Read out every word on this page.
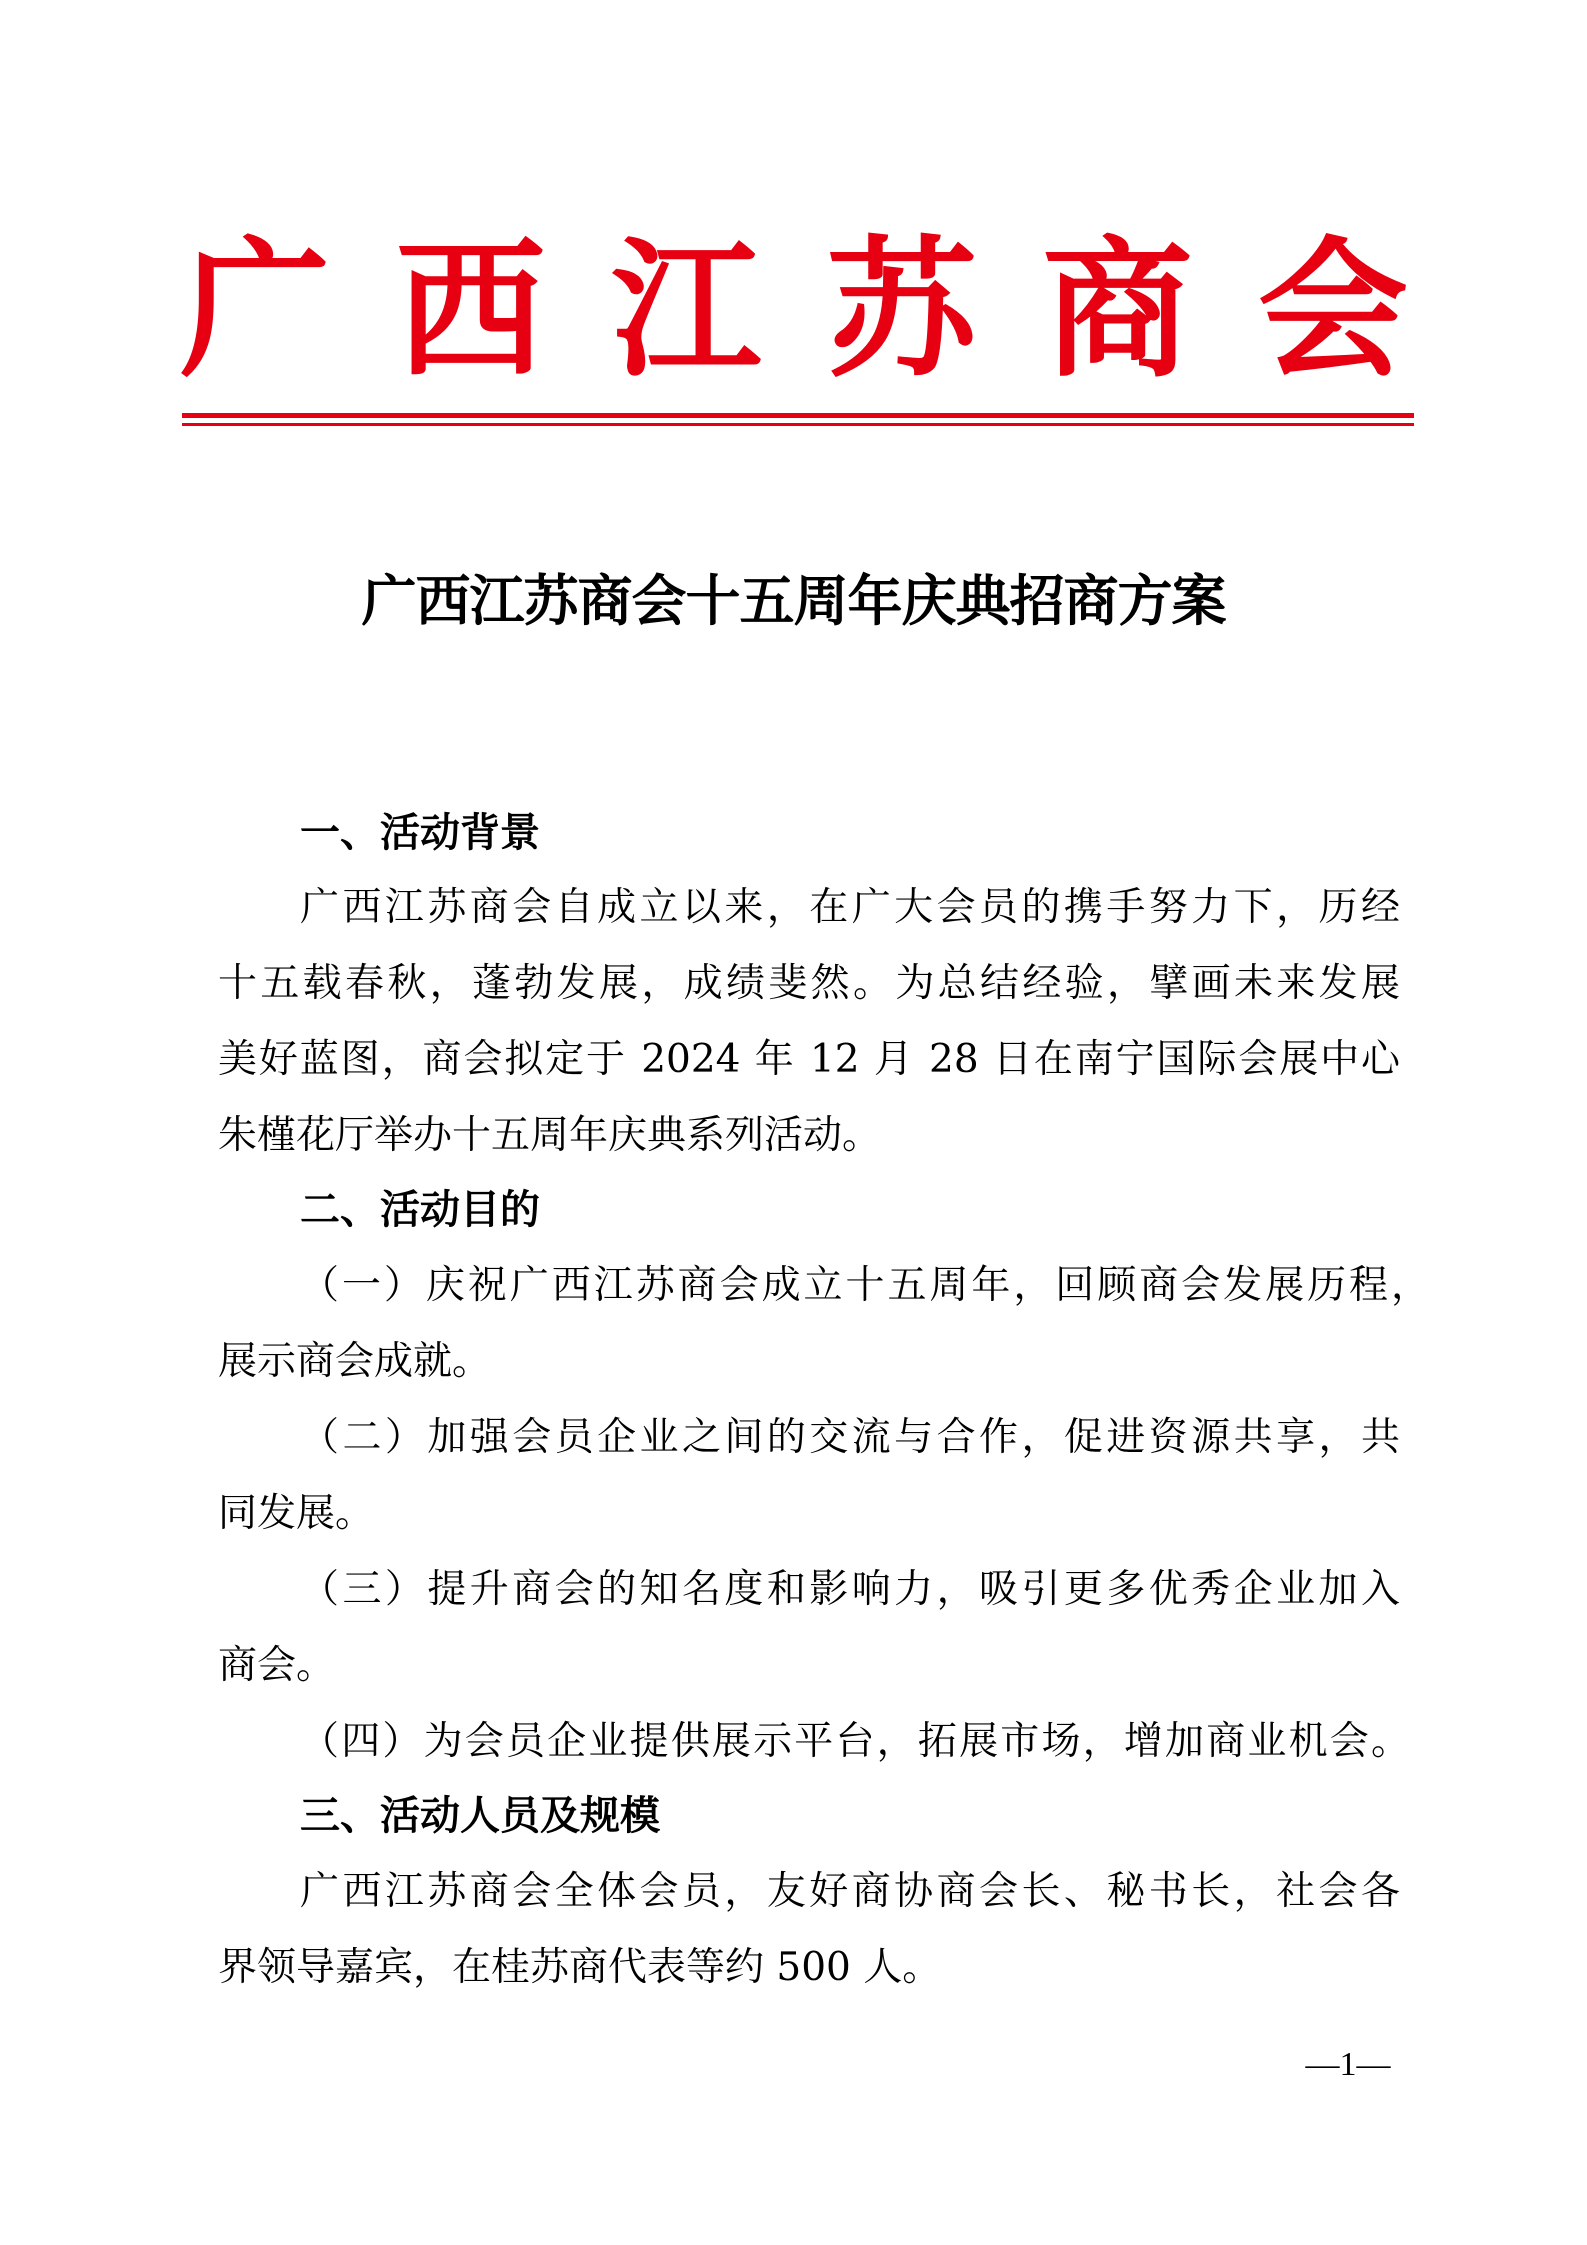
广 西 江 苏 商 会
广西江苏商会十五周年庆典招商方案
一、活动背景
广西江苏商会自成立以来，在广大会员的携手努力下，历经
十五载春秋，蓬勃发展，成绩斐然。为总结经验，擘画未来发展
美好蓝图，商会拟定于 2024 年 12 月 28 日在南宁国际会展中心
朱槿花厅举办十五周年庆典系列活动。
二、活动目的
（一）庆祝广西江苏商会成立十五周年，回顾商会发展历程，
展示商会成就。
（二）加强会员企业之间的交流与合作，促进资源共享，共
同发展。
（三）提升商会的知名度和影响力，吸引更多优秀企业加入
商会。
（四）为会员企业提供展示平台，拓展市场，增加商业机会。
三、活动人员及规模
广西江苏商会全体会员，友好商协商会长、秘书长，社会各
界领导嘉宾，在桂苏商代表等约 500 人。
—1—
